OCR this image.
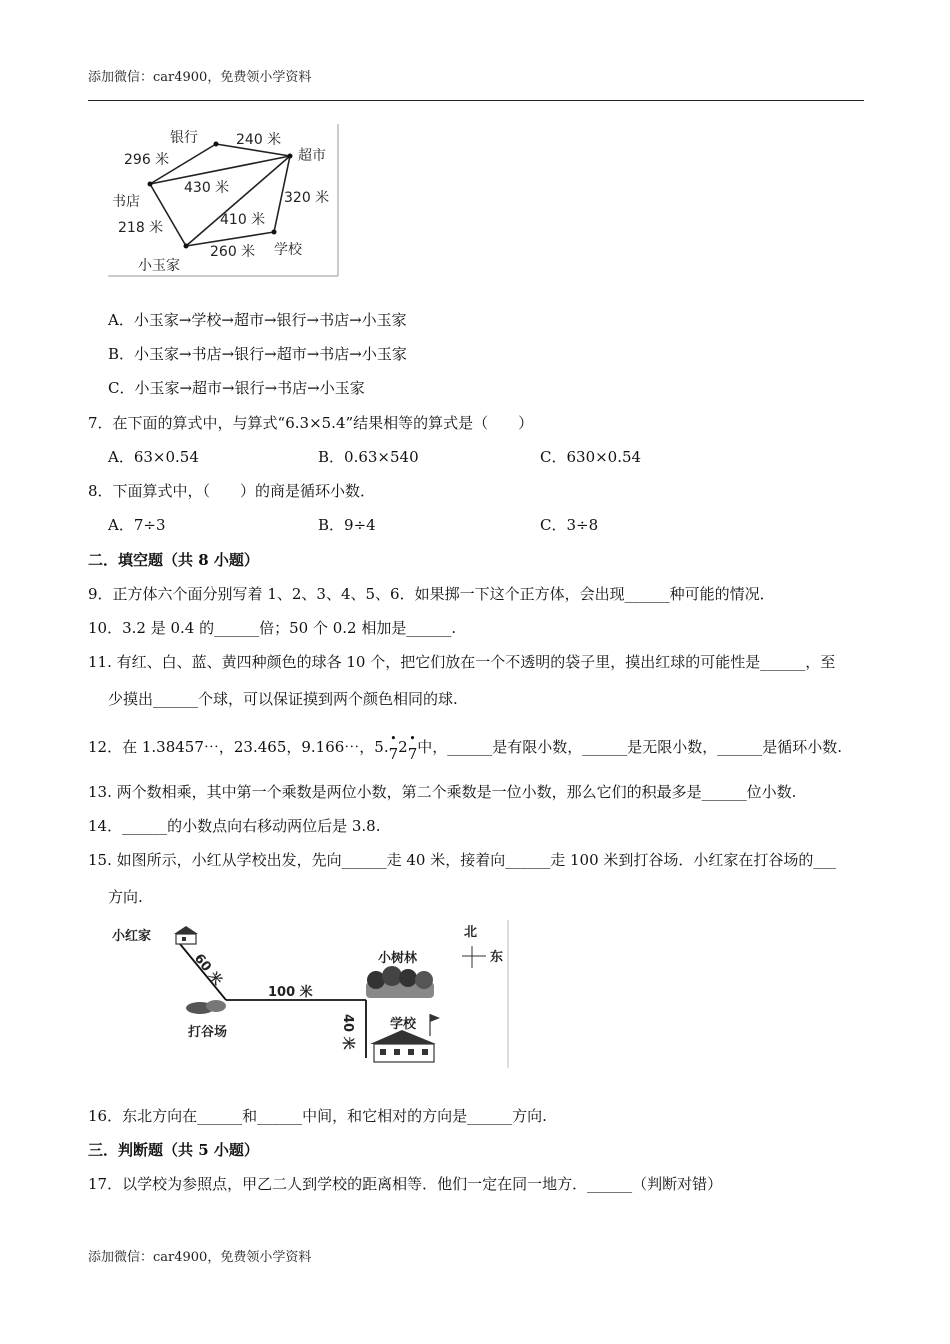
添加微信：car4900，免费领小学资料
银行	240 米
超市
296 米
430 米
320 米
书店
410 米
218 米
260 米 学校
小玉家
A．小玉家→学校→超市→银行→书店→小玉家
B．小玉家→书店→银行→超市→书店→小玉家
C．小玉家→超市→银行→书店→小玉家
7．在下面的算式中，与算式“6.3×5.4”结果相等的算式是（　　）
A．63×0.54	B．0.63×540	C．630×0.54
8．下面算式中，（　　）的商是循环小数．
A．7÷3	B．9÷4	C．3÷8
二．填空题（共 8 小题）
9．正方体六个面分别写着 1、2、3、4、5、6．如果掷一下这个正方体，会出现______种可能的情况．
10．3.2 是 0.4 的______倍；50 个 0.2 相加是______.
11. 有红、白、蓝、黄四种颜色的球各 10 个，把它们放在一个不透明的袋子里，摸出红球的可能性是______，至
少摸出______个球，可以保证摸到两个颜色相同的球.
12．在 1.38457⋯，23.465，9.166⋯，5. •
7 2 •
7 中，______是有限小数，______是无限小数，______是循环小数.
13. 两个数相乘，其中第一个乘数是两位小数，第二个乘数是一位小数，那么它们的积最多是______位小数.
14．______的小数点向右移动两位后是 3.8.
15. 如图所示，小红从学校出发，先向______走 40 米，接着向______走 100 米到打谷场．小红家在打谷场的___
方向.
小红家
60 米
100 米
打谷场
小树林
40 米	学校
北
东
16．东北方向在______和______中间，和它相对的方向是______方向.
三．判断题（共 5 小题）
17．以学校为参照点，甲乙二人到学校的距离相等．他们一定在同一地方．______（判断对错）
添加微信：car4900，免费领小学资料
